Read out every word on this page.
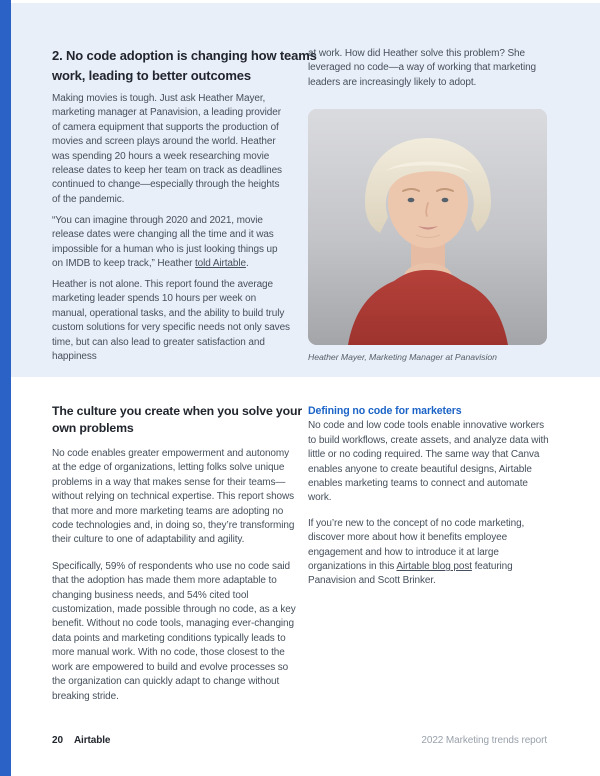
2. No code adoption is changing how teams work, leading to better outcomes

Making movies is tough. Just ask Heather Mayer, marketing manager at Panavision, a leading provider of camera equipment that supports the production of movies and screen plays around the world. Heather was spending 20 hours a week researching movie release dates to keep her team on track as deadlines continued to change—especially through the heights of the pandemic.

“You can imagine through 2020 and 2021, movie release dates were changing all the time and it was impossible for a human who is just looking things up on IMDB to keep track,” Heather told Airtable.

Heather is not alone. This report found the average marketing leader spends 10 hours per week on manual, operational tasks, and the ability to build truly custom solutions for very specific needs not only saves time, but can also lead to greater satisfaction and happiness

at work. How did Heather solve this problem? She leveraged no code—a way of working that marketing leaders are increasingly likely to adopt.

Heather Mayer, Marketing Manager at Panavision
The culture you create when you solve your own problems

No code enables greater empowerment and autonomy at the edge of organizations, letting folks solve unique problems in a way that makes sense for their teams—without relying on technical expertise. This report shows that more and more marketing teams are adopting no code technologies and, in doing so, they’re transforming their culture to one of adaptability and agility.

Specifically, 59% of respondents who use no code said that the adoption has made them more adaptable to changing business needs, and 54% cited tool customization, made possible through no code, as a key benefit. Without no code tools, managing ever-changing data points and marketing conditions typically leads to more manual work. With no code, those closest to the work are empowered to build and evolve processes so the organization can quickly adapt to change without breaking stride.

Defining no code for marketers

No code and low code tools enable innovative workers to build workflows, create assets, and analyze data with little or no coding required. The same way that Canva enables anyone to create beautiful designs, Airtable enables marketing teams to connect and automate work.

If you’re new to the concept of no code marketing, discover more about how it benefits employee engagement and how to introduce it at large organizations in this Airtable blog post featuring Panavision and Scott Brinker.

20 Airtable	2022 Marketing trends report
